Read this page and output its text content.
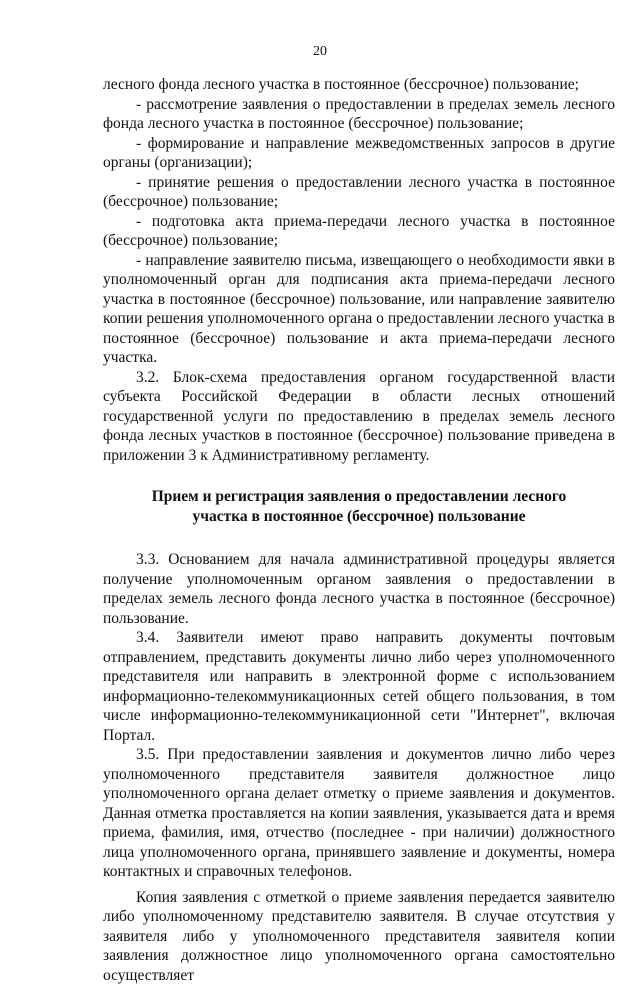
20

лесного фонда лесного участка в постоянное (бессрочное) пользование;

- рассмотрение заявления о предоставлении в пределах земель лесного фонда лесного участка в постоянное (бессрочное) пользование;

- формирование и направление межведомственных запросов в другие органы (организации);

- принятие решения о предоставлении лесного участка в постоянное (бессрочное) пользование;

- подготовка акта приема-передачи лесного участка в постоянное (бессрочное) пользование;

- направление заявителю письма, извещающего о необходимости явки в уполномоченный орган для подписания акта приема-передачи лесного участка в постоянное (бессрочное) пользование, или направление заявителю копии решения уполномоченного органа о предоставлении лесного участка в постоянное (бессрочное) пользование и акта приема-передачи лесного участка.

3.2. Блок-схема предоставления органом государственной власти субъекта Российской Федерации в области лесных отношений государственной услуги по предоставлению в пределах земель лесного фонда лесных участков в постоянное (бессрочное) пользование приведена в приложении 3 к Административному регламенту.

Прием и регистрация заявления о предоставлении лесного участка в постоянное (бессрочное) пользование

3.3. Основанием для начала административной процедуры является получение уполномоченным органом заявления о предоставлении в пределах земель лесного фонда лесного участка в постоянное (бессрочное) пользование.

3.4. Заявители имеют право направить документы почтовым отправлением, представить документы лично либо через уполномоченного представителя или направить в электронной форме с использованием информационно-телекоммуникационных сетей общего пользования, в том числе информационно-телекоммуникационной сети "Интернет", включая Портал.

3.5. При предоставлении заявления и документов лично либо через уполномоченного представителя заявителя должностное лицо уполномоченного органа делает отметку о приеме заявления и документов. Данная отметка проставляется на копии заявления, указывается дата и время приема, фамилия, имя, отчество (последнее - при наличии) должностного лица уполномоченного органа, принявшего заявление и документы, номера контактных и справочных телефонов.

Копия заявления с отметкой о приеме заявления передается заявителю либо уполномоченному представителю заявителя. В случае отсутствия у заявителя либо у уполномоченного представителя заявителя копии заявления должностное лицо уполномоченного органа самостоятельно осуществляет
